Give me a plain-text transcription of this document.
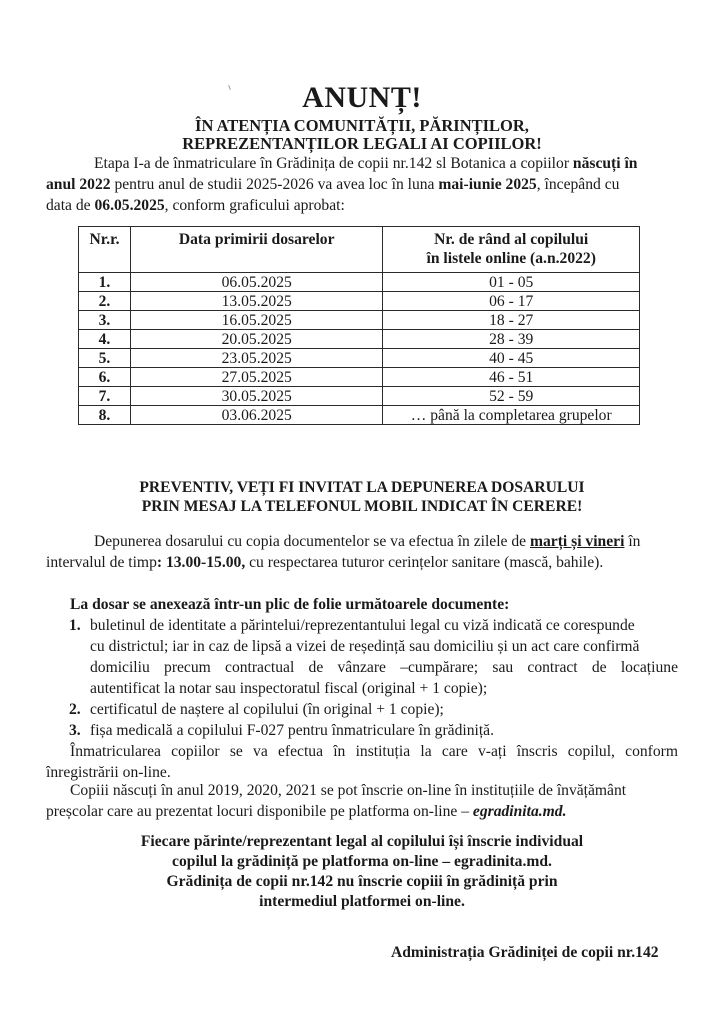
ANUNȚ!
ÎN ATENȚIA COMUNITĂȚII, PĂRINȚILOR,
REPREZENTANȚILOR LEGALI AI COPIILOR!
Etapa I-a de înmatriculare în Grădinița de copii nr.142 sl Botanica a copiilor născuți în
anul 2022 pentru anul de studii 2025-2026 va avea loc în luna mai-iunie 2025, începând cu
data de 06.05.2025, conform graficului aprobat:
Nr.r.	Data primirii dosarelor	Nr. de rând al copilului
în listele online (a.n.2022)
1.	06.05.2025	01 - 05
2.	13.05.2025	06 - 17
3.	16.05.2025	18 - 27
4.	20.05.2025	28 - 39
5.	23.05.2025	40 - 45
6.	27.05.2025	46 - 51
7.	30.05.2025	52 - 59
8.	03.06.2025	… până la completarea grupelor
PREVENTIV, VEȚI FI INVITAT LA DEPUNEREA DOSARULUI
PRIN MESAJ LA TELEFONUL MOBIL INDICAT ÎN CERERE!
Depunerea dosarului cu copia documentelor se va efectua în zilele de marți și vineri în
intervalul de timp: 13.00-15.00, cu respectarea tuturor cerințelor sanitare (mască, bahile).
La dosar se anexează într-un plic de folie următoarele documente:
1. buletinul de identitate a părintelui/reprezentantului legal cu viză indicată ce corespunde
cu districtul; iar in caz de lipsă a vizei de reședință sau domiciliu și un act care confirmă
domiciliu precum contractual de vânzare –cumpărare; sau contract de locațiune
autentificat la notar sau inspectoratul fiscal (original + 1 copie);
2. certificatul de naștere al copilului (în original + 1 copie);
3. fișa medicală a copilului F-027 pentru înmatriculare în grădiniță.
Înmatricularea copiilor se va efectua în instituția la care v-ați înscris copilul, conform
înregistrării on-line.
Copiii născuți în anul 2019, 2020, 2021 se pot înscrie on-line în instituțiile de învățământ
preșcolar care au prezentat locuri disponibile pe platforma on-line – egradinita.md.
Fiecare părinte/reprezentant legal al copilului își înscrie individual
copilul la grădiniță pe platforma on-line – egradinita.md.
Grădinița de copii nr.142 nu înscrie copiii în grădiniță prin
intermediul platformei on-line.
Administrația Grădiniței de copii nr.142
